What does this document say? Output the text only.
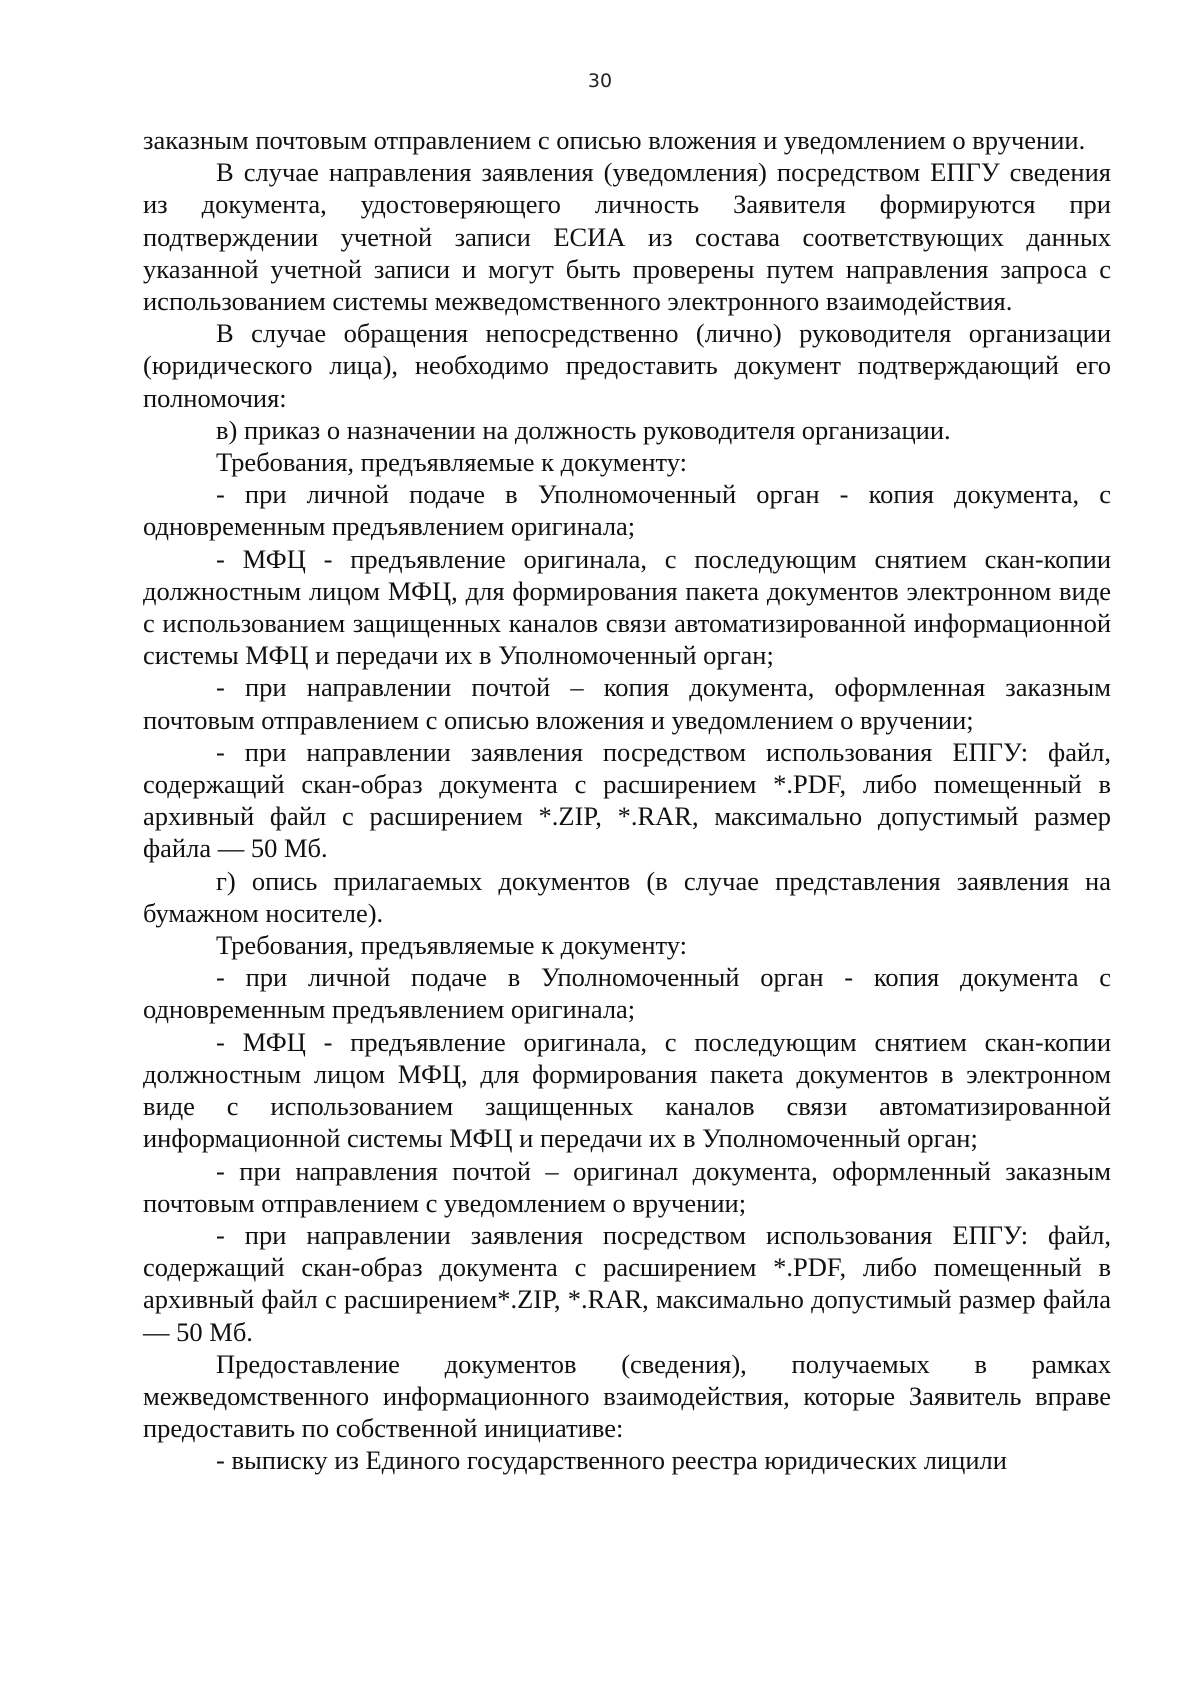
30

заказным почтовым отправлением с описью вложения и уведомлением о вручении.

В случае направления заявления (уведомления) посредством ЕПГУ сведения из документа, удостоверяющего личность Заявителя формируются при подтверждении учетной записи ЕСИА из состава соответствующих данных указанной учетной записи и могут быть проверены путем направления запроса с использованием системы межведомственного электронного взаимодействия.

В случае обращения непосредственно (лично) руководителя организации (юридического лица), необходимо предоставить документ подтверждающий его полномочия:

в) приказ о назначении на должность руководителя организации.

Требования, предъявляемые к документу:

- при личной подаче в Уполномоченный орган - копия документа, с одновременным предъявлением оригинала;

- МФЦ - предъявление оригинала, с последующим снятием скан-копии должностным лицом МФЦ, для формирования пакета документов электронном виде с использованием защищенных каналов связи автоматизированной информационной системы МФЦ и передачи их в Уполномоченный орган;

- при направлении почтой – копия документа, оформленная заказным почтовым отправлением с описью вложения и уведомлением о вручении;

- при направлении заявления посредством использования ЕПГУ: файл, содержащий скан-образ документа с расширением *.PDF, либо помещенный в архивный файл с расширением *.ZIP, *.RAR, максимально допустимый размер файла — 50 Мб.

г) опись прилагаемых документов (в случае представления заявления на бумажном носителе).

Требования, предъявляемые к документу:

- при личной подаче в Уполномоченный орган - копия документа с одновременным предъявлением оригинала;

- МФЦ - предъявление оригинала, с последующим снятием скан-копии должностным лицом МФЦ, для формирования пакета документов в электронном виде с использованием защищенных каналов связи автоматизированной информационной системы МФЦ и передачи их в Уполномоченный орган;

- при направления почтой – оригинал документа, оформленный заказным почтовым отправлением с уведомлением о вручении;

- при направлении заявления посредством использования ЕПГУ: файл, содержащий скан-образ документа с расширением *.PDF, либо помещенный в архивный файл с расширением*.ZIP, *.RAR, максимально допустимый размер файла — 50 Мб.

Предоставление документов (сведения), получаемых в рамках межведомственного информационного взаимодействия, которые Заявитель вправе предоставить по собственной инициативе:

- выписку из Единого государственного реестра юридических лицили
